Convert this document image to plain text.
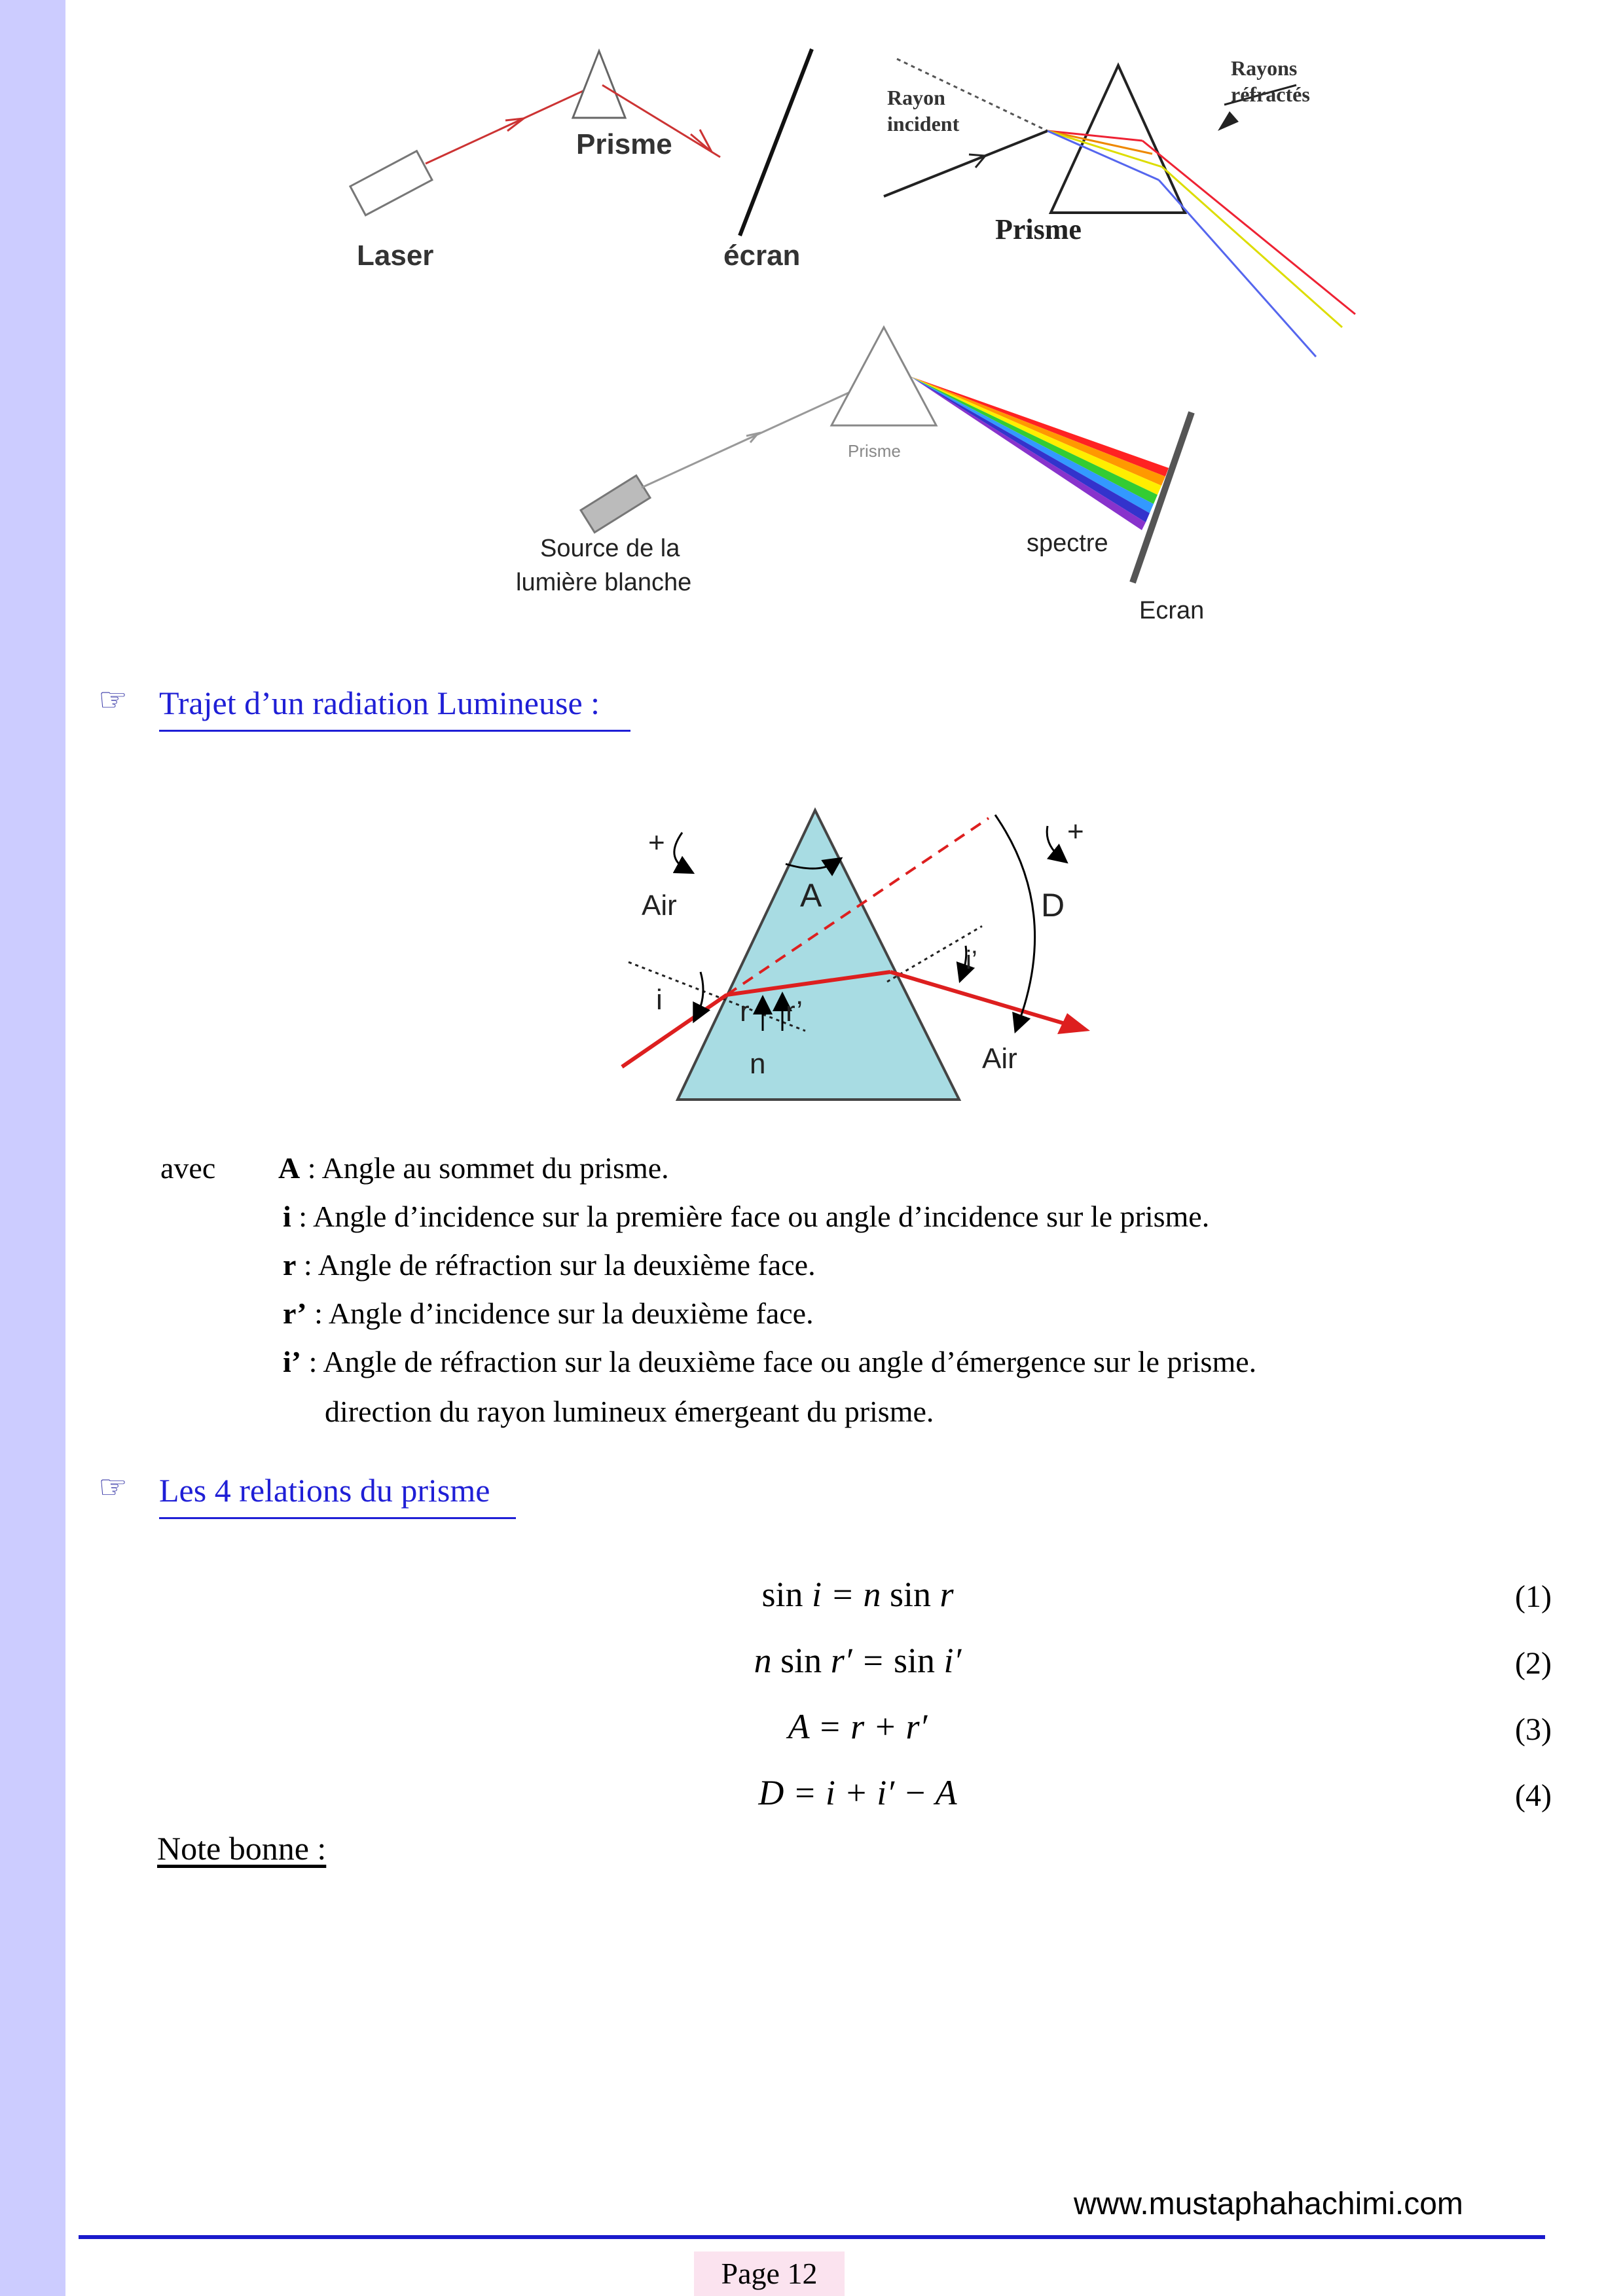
Laser
Prisme
écran
Rayon
incident
Rayons
réfractés
Prisme
Prisme
Source de la
lumière blanche
spectre
Ecran
☞ Trajet d’un radiation Lumineuse :
+	+
Air
Air
A	D
i
i’
r r’
n
avec A : Angle au sommet du prisme.
i : Angle d’incidence sur la première face ou angle d’incidence sur le prisme.
r : Angle de réfraction sur la deuxième face.
r’ : Angle d’incidence sur la deuxième face.
i’ : Angle de réfraction sur la deuxième face ou angle d’émergence sur le prisme.
direction du rayon lumineux émergeant du prisme.
☞ Les 4 relations du prisme
sin i = n sin r	(1)
n sin r′ = sin i′	(2)
A = r + r′	(3)
D = i + i′ − A	(4)
Note bonne :
www.mustaphahachimi.com
Page 12
